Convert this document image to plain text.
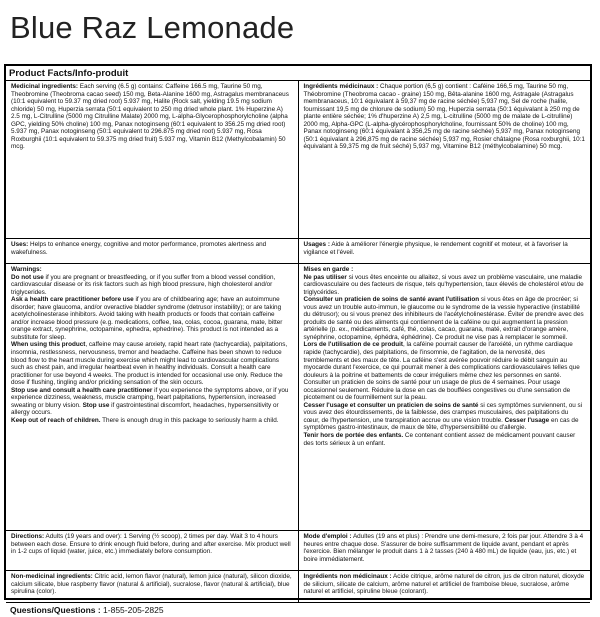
Blue Raz Lemonade
Product Facts/Info-produit
Medicinal ingredients: Each serving (6.5 g) contains: Caffeine 166.5 mg, Taurine 50 mg, Theobromine (Theobroma cacao seed) 150 mg, Beta-Alanine 1600 mg, Astragalus membranaceus (10:1 equivalent to 59.37 mg dried root) 5.937 mg, Halite (Rock salt, yielding 19.5 mg sodium chloride) 50 mg, Huperzia serrata (50:1 equivalent to 250 mg dried whole plant. 1% Huperzine A) 2.5 mg, L-Citrulline (5000 mg Citrulline Malate) 2000 mg, L-alpha-Glycerophosphorylcholine (alpha GPC, yielding 50% choline) 100 mg, Panax notoginseng (60:1 equivalent to 356.25 mg dried root) 5.937 mg, Panax notoginseng (50:1 equivalent to 296.875 mg dried root) 5.937 mg, Rosa Roxburghii (10:1 equivalent to 59.375 mg dried fruit) 5.937 mg, Vitamin B12 (Methylcobalamin) 50 mcg.
Ingrédients médicinaux : Chaque portion (6,5 g) contient : Caféine 166,5 mg, Taurine 50 mg, Théobromine (Theobroma cacao - graine) 150 mg, Bêta-alanine 1600 mg, Astragale (Astragalus membranaceus, 10:1 équivalant à 59,37 mg de racine séchée) 5,937 mg, Sel de roche (halite, fournissant 19,5 mg de chlorure de sodium) 50 mg, Huperzia serrata (50:1 équivalant à 250 mg de plante entière séchée; 1% d'huperzine A) 2,5 mg, L-citrulline (5000 mg de malate de L-citrulline) 2000 mg, Alpha-GPC (L-alpha-glycérophosphorylcholine, fournissant 50% de choline) 100 mg, Panax notoginseng (60:1 équivalant à 356,25 mg de racine séchée) 5,937 mg, Panax notoginseng (50:1 équivalant à 296,875 mg de racine séchée) 5,937 mg, Rosier châtaigne (Rosa roxburghii, 10:1 équivalant à 59,375 mg de fruit séché) 5,937 mg, Vitamine B12 (méthylcobalamine) 50 mcg.
Uses: Helps to enhance energy, cognitive and motor performance, promotes alertness and wakefulness.
Usages : Aide à améliorer l'énergie physique, le rendement cognitif et moteur, et à favoriser la vigilance et l'éveil.
Warnings:
Do not use if you are pregnant or breastfeeding, or if you suffer from a blood vessel condition, cardiovascular disease or its risk factors such as high blood pressure, high cholesterol and/or triglycerides.
Ask a health care practitioner before use if you are of childbearing age; have an autoimmune disorder; have glaucoma, and/or overactive bladder syndrome (detrusor instability); or are taking acetylcholinesterase inhibitors. Avoid taking with health products or foods that contain caffeine and/or increase blood pressure (e.g. medications, coffee, tea, colas, cocoa, guarana, mate, bitter orange extract, synephrine, octopamine, ephedra, ephedrine). This product is not intended as a substitute for sleep.
When using this product, caffeine may cause anxiety, rapid heart rate (tachycardia), palpitations, insomnia, restlessness, nervousness, tremor and headache. Caffeine has been shown to reduce blood flow to the heart muscle during exercise which might lead to cardiovascular complications such as chest pain, and irregular heartbeat even in healthy individuals. Consult a health care practitioner for use beyond 4 weeks. The product is intended for occasional use only. Reduce the dose if flushing, tingling and/or prickling sensation of the skin occurs.
Stop use and consult a health care practitioner if you experience the symptoms above, or if you experience dizziness, weakness, muscle cramping, heart palpitations, hypertension, increased sweating or blurry vision. Stop use if gastrointestinal discomfort, headaches, hypersensitivity or allergy occurs.
Keep out of reach of children. There is enough drug in this package to seriously harm a child.
Mises en garde :
Ne pas utiliser si vous êtes enceinte ou allaitez, si vous avez un problème vasculaire, une maladie cardiovasculaire ou des facteurs de risque, tels qu'hypertension, taux élevés de cholestérol et/ou de triglycérides.
Consulter un praticien de soins de santé avant l'utilisation si vous êtes en âge de procréer; si vous avez un trouble auto-immun, le glaucome ou le syndrome de la vessie hyperactive (instabilité du détrusor); ou si vous prenez des inhibiteurs de l'acétylcholinestérase. Éviter de prendre avec des produits de santé ou des aliments qui contiennent de la caféine ou qui augmentent la pression artérielle (p. ex., médicaments, café, thé, colas, cacao, guarana, maté, extrait d'orange amère, synéphrine, octopamine, éphédra, éphédrine). Ce produit ne vise pas à remplacer le sommeil.
Lors de l'utilisation de ce produit, la caféine pourrait causer de l'anxiété, un rythme cardiaque rapide (tachycardie), des palpitations, de l'insomnie, de l'agitation, de la nervosité, des tremblements et des maux de tête. La caféine s'est avérée pouvoir réduire le débit sanguin au myocarde durant l'exercice, ce qui pourrait mener à des complications cardiovasculaires telles que douleurs à la poitrine et battements de cœur irréguliers même chez les personnes en santé. Consulter un praticien de soins de santé pour un usage de plus de 4 semaines. Pour usage occasionnel seulement. Réduire la dose en cas de bouffées congestives ou d'une sensation de picotement ou de fourmillement sur la peau.
Cesser l'usage et consulter un praticien de soins de santé si ces symptômes surviennent, ou si vous avez des étourdissements, de la faiblesse, des crampes musculaires, des palpitations du cœur, de l'hypertension, une transpiration accrue ou une vision trouble. Cesser l'usage en cas de symptômes gastro-intestinaux, de maux de tête, d'hypersensibilité ou d'allergie.
Tenir hors de portée des enfants. Ce contenant contient assez de médicament pouvant causer des torts sérieux à un enfant.
Directions: Adults (19 years and over): 1 Serving (½ scoop), 2 times per day. Wait 3 to 4 hours between each dose. Ensure to drink enough fluid before, during and after exercise. Mix product well in 1-2 cups of liquid (water, juice, etc.) immediately before consumption.
Mode d'emploi : Adultes (19 ans et plus) : Prendre une demi-mesure, 2 fois par jour. Attendre 3 à 4 heures entre chaque dose. S'assurer de boire suffisamment de liquide avant, pendant et après l'exercice. Bien mélanger le produit dans 1 à 2 tasses (240 à 480 mL) de liquide (eau, jus, etc.) et boire immédiatement.
Non-medicinal ingredients: Citric acid, lemon flavor (natural), lemon juice (natural), silicon dioxide, calcium silicate, blue raspberry flavor (natural & artificial), sucralose, flavor (natural & artificial), blue spirulina (color).
Ingrédients non médicinaux : Acide citrique, arôme naturel de citron, jus de citron naturel, dioxyde de silicium, silicate de calcium, arôme naturel et artificiel de framboise bleue, sucralose, arôme naturel et artificiel, spiruline bleue (colorant).
Questions/Questions : 1-855-205-2825
